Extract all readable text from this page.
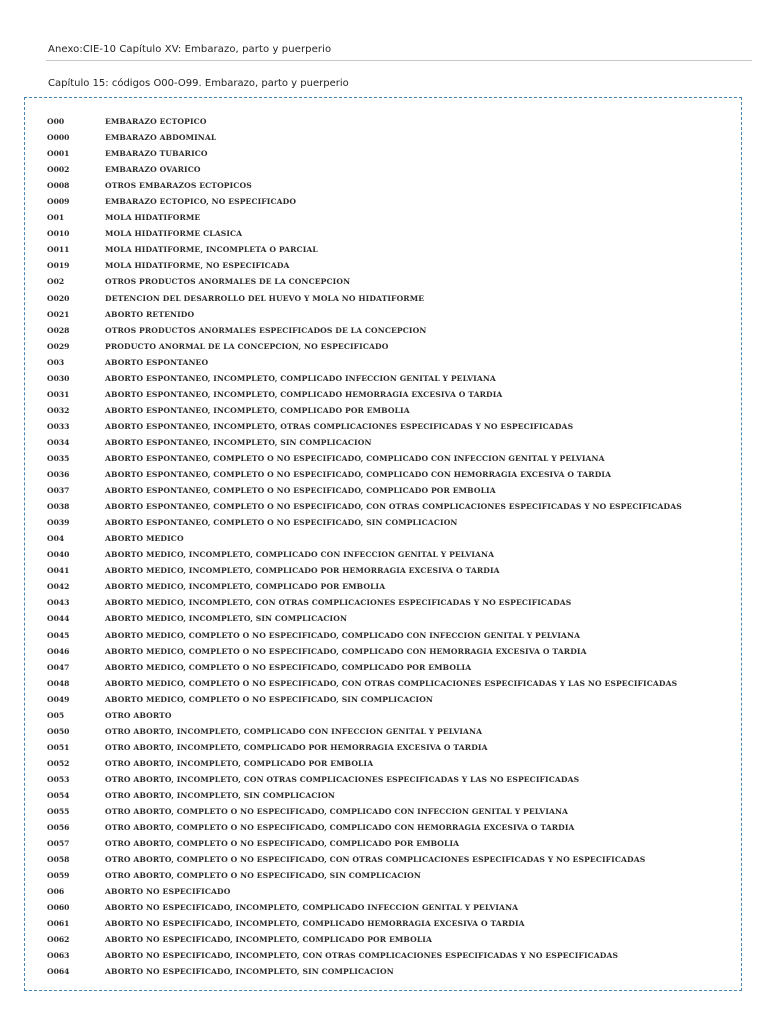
Anexo:CIE-10 Capítulo XV: Embarazo, parto y puerperio
Capítulo 15: códigos O00-O99. Embarazo, parto y puerperio
O00	EMBARAZO ECTOPICO
O000	EMBARAZO ABDOMINAL
O001	EMBARAZO TUBARICO
O002	EMBARAZO OVARICO
O008	OTROS EMBARAZOS ECTOPICOS
O009	EMBARAZO ECTOPICO, NO ESPECIFICADO
O01	MOLA HIDATIFORME
O010	MOLA HIDATIFORME CLASICA
O011	MOLA HIDATIFORME, INCOMPLETA O PARCIAL
O019	MOLA HIDATIFORME, NO ESPECIFICADA
O02	OTROS PRODUCTOS ANORMALES DE LA CONCEPCION
O020	DETENCION DEL DESARROLLO DEL HUEVO Y MOLA NO HIDATIFORME
O021	ABORTO RETENIDO
O028	OTROS PRODUCTOS ANORMALES ESPECIFICADOS DE LA CONCEPCION
O029	PRODUCTO ANORMAL DE LA CONCEPCION, NO ESPECIFICADO
O03	ABORTO ESPONTANEO
O030	ABORTO ESPONTANEO, INCOMPLETO, COMPLICADO INFECCION GENITAL Y PELVIANA
O031	ABORTO ESPONTANEO, INCOMPLETO, COMPLICADO HEMORRAGIA EXCESIVA O TARDIA
O032	ABORTO ESPONTANEO, INCOMPLETO, COMPLICADO POR EMBOLIA
O033	ABORTO ESPONTANEO, INCOMPLETO, OTRAS COMPLICACIONES ESPECIFICADAS Y NO ESPECIFICADAS
O034	ABORTO ESPONTANEO, INCOMPLETO, SIN COMPLICACION
O035	ABORTO ESPONTANEO, COMPLETO O NO ESPECIFICADO, COMPLICADO CON INFECCION GENITAL Y PELVIANA
O036	ABORTO ESPONTANEO, COMPLETO O NO ESPECIFICADO, COMPLICADO CON HEMORRAGIA EXCESIVA O TARDIA
O037	ABORTO ESPONTANEO, COMPLETO O NO ESPECIFICADO, COMPLICADO POR EMBOLIA
O038	ABORTO ESPONTANEO, COMPLETO O NO ESPECIFICADO, CON OTRAS COMPLICACIONES ESPECIFICADAS Y NO ESPECIFICADAS
O039	ABORTO ESPONTANEO, COMPLETO O NO ESPECIFICADO, SIN COMPLICACION
O04	ABORTO MEDICO
O040	ABORTO MEDICO, INCOMPLETO, COMPLICADO CON INFECCION GENITAL Y PELVIANA
O041	ABORTO MEDICO, INCOMPLETO, COMPLICADO POR HEMORRAGIA EXCESIVA O TARDIA
O042	ABORTO MEDICO, INCOMPLETO, COMPLICADO POR EMBOLIA
O043	ABORTO MEDICO, INCOMPLETO, CON OTRAS COMPLICACIONES ESPECIFICADAS Y NO ESPECIFICADAS
O044	ABORTO MEDICO, INCOMPLETO, SIN COMPLICACION
O045	ABORTO MEDICO, COMPLETO O NO ESPECIFICADO, COMPLICADO CON INFECCION GENITAL Y PELVIANA
O046	ABORTO MEDICO, COMPLETO O NO ESPECIFICADO, COMPLICADO CON HEMORRAGIA EXCESIVA O TARDIA
O047	ABORTO MEDICO, COMPLETO O NO ESPECIFICADO, COMPLICADO POR EMBOLIA
O048	ABORTO MEDICO, COMPLETO O NO ESPECIFICADO, CON OTRAS COMPLICACIONES ESPECIFICADAS Y LAS NO ESPECIFICADAS
O049	ABORTO MEDICO, COMPLETO O NO ESPECIFICADO, SIN COMPLICACION
O05	OTRO ABORTO
O050	OTRO ABORTO, INCOMPLETO, COMPLICADO CON INFECCION GENITAL Y PELVIANA
O051	OTRO ABORTO, INCOMPLETO, COMPLICADO POR HEMORRAGIA EXCESIVA O TARDIA
O052	OTRO ABORTO, INCOMPLETO, COMPLICADO POR EMBOLIA
O053	OTRO ABORTO, INCOMPLETO, CON OTRAS COMPLICACIONES ESPECIFICADAS Y LAS NO ESPECIFICADAS
O054	OTRO ABORTO, INCOMPLETO, SIN COMPLICACION
O055	OTRO ABORTO, COMPLETO O NO ESPECIFICADO, COMPLICADO CON INFECCION GENITAL Y PELVIANA
O056	OTRO ABORTO, COMPLETO O NO ESPECIFICADO, COMPLICADO CON HEMORRAGIA EXCESIVA O TARDIA
O057	OTRO ABORTO, COMPLETO O NO ESPECIFICADO, COMPLICADO POR EMBOLIA
O058	OTRO ABORTO, COMPLETO O NO ESPECIFICADO, CON OTRAS COMPLICACIONES ESPECIFICADAS Y NO ESPECIFICADAS
O059	OTRO ABORTO, COMPLETO O NO ESPECIFICADO, SIN COMPLICACION
O06	ABORTO NO ESPECIFICADO
O060	ABORTO NO ESPECIFICADO, INCOMPLETO, COMPLICADO INFECCION GENITAL Y PELVIANA
O061	ABORTO NO ESPECIFICADO, INCOMPLETO, COMPLICADO HEMORRAGIA EXCESIVA O TARDIA
O062	ABORTO NO ESPECIFICADO, INCOMPLETO, COMPLICADO POR EMBOLIA
O063	ABORTO NO ESPECIFICADO, INCOMPLETO, CON OTRAS COMPLICACIONES ESPECIFICADAS Y NO ESPECIFICADAS
O064	ABORTO NO ESPECIFICADO, INCOMPLETO, SIN COMPLICACION
